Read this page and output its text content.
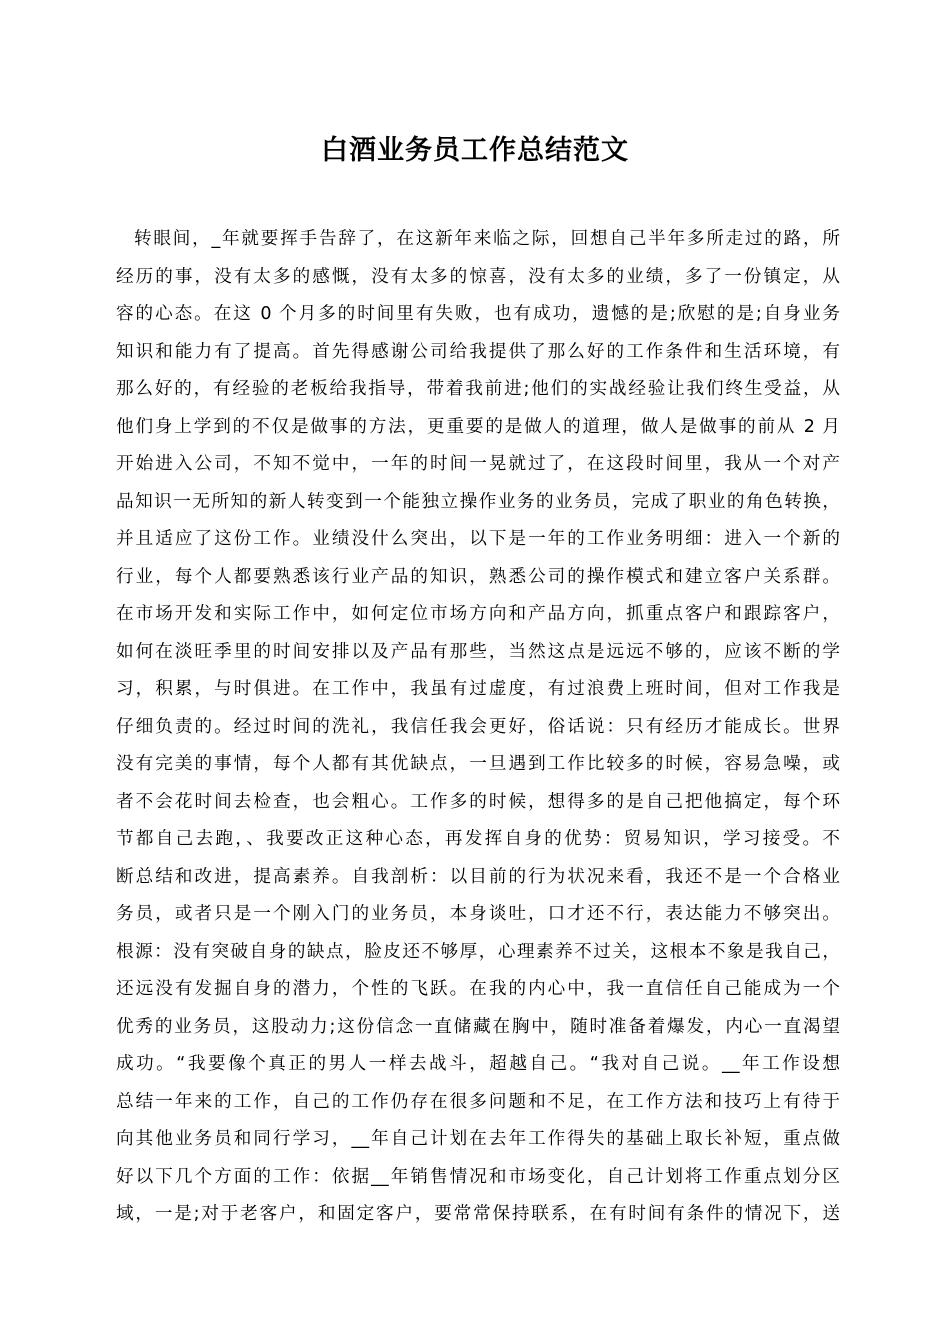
白酒业务员工作总结范文
转眼间，_年就要挥手告辞了，在这新年来临之际，回想自己半年多所走过的路，所
经历的事，没有太多的感慨，没有太多的惊喜，没有太多的业绩，多了一份镇定，从
容的心态。在这 0 个月多的时间里有失败，也有成功，遗憾的是;欣慰的是;自身业务
知识和能力有了提高。首先得感谢公司给我提供了那么好的工作条件和生活环境，有
那么好的，有经验的老板给我指导，带着我前进;他们的实战经验让我们终生受益，从
他们身上学到的不仅是做事的方法，更重要的是做人的道理，做人是做事的前从 2 月
开始进入公司，不知不觉中，一年的时间一晃就过了，在这段时间里，我从一个对产
品知识一无所知的新人转变到一个能独立操作业务的业务员，完成了职业的角色转换，
并且适应了这份工作。业绩没什么突出，以下是一年的工作业务明细：进入一个新的
行业，每个人都要熟悉该行业产品的知识，熟悉公司的操作模式和建立客户关系群。
在市场开发和实际工作中，如何定位市场方向和产品方向，抓重点客户和跟踪客户，
如何在淡旺季里的时间安排以及产品有那些，当然这点是远远不够的，应该不断的学
习，积累，与时俱进。在工作中，我虽有过虚度，有过浪费上班时间，但对工作我是
仔细负责的。经过时间的洗礼，我信任我会更好，俗话说：只有经历才能成长。世界
没有完美的事情，每个人都有其优缺点，一旦遇到工作比较多的时候，容易急噪，或
者不会花时间去检查，也会粗心。工作多的时候，想得多的是自己把他搞定，每个环
节都自己去跑，、我要改正这种心态，再发挥自身的优势：贸易知识，学习接受。不
断总结和改进，提高素养。自我剖析：以目前的行为状况来看，我还不是一个合格业
务员，或者只是一个刚入门的业务员，本身谈吐，口才还不行，表达能力不够突出。
根源：没有突破自身的缺点，脸皮还不够厚，心理素养不过关，这根本不象是我自己，
还远没有发掘自身的潜力，个性的飞跃。在我的内心中，我一直信任自己能成为一个
优秀的业务员，这股动力;这份信念一直储藏在胸中，随时准备着爆发，内心一直渴望
成功。“我要像个真正的男人一样去战斗，超越自己。“我对自己说。__年工作设想
总结一年来的工作，自己的工作仍存在很多问题和不足，在工作方法和技巧上有待于
向其他业务员和同行学习，__年自己计划在去年工作得失的基础上取长补短，重点做
好以下几个方面的工作：依据__年销售情况和市场变化，自己计划将工作重点划分区
域，一是;对于老客户，和固定客户，要常常保持联系，在有时间有条件的情况下，送
